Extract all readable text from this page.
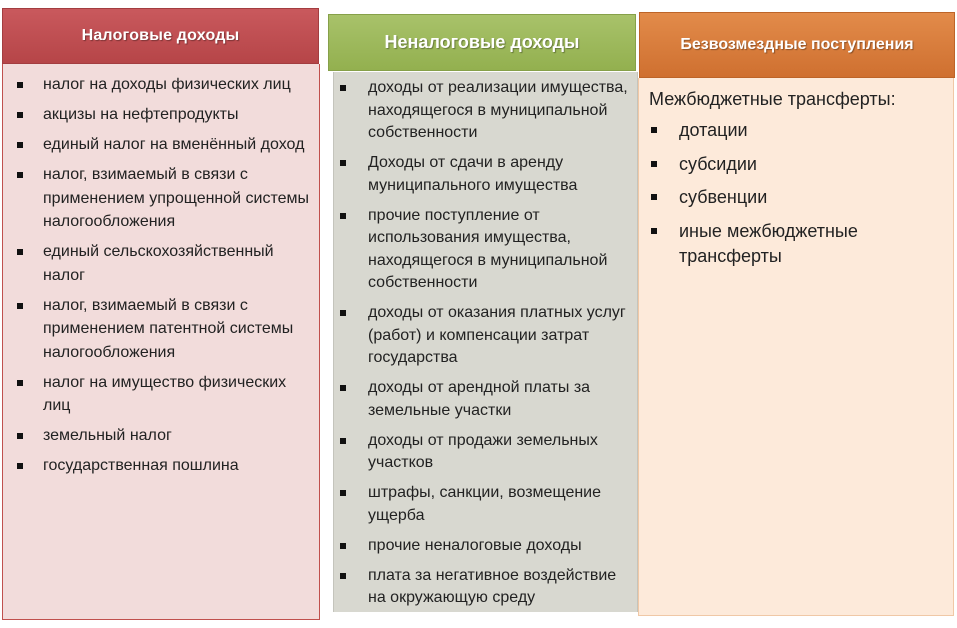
Налоговые доходы
налог на доходы физических лиц
акцизы на нефтепродукты
единый налог на вменённый доход
налог, взимаемый в связи с применением упрощенной системы налогообложения
единый сельскохозяйственный налог
налог, взимаемый в связи с применением патентной системы налогообложения
налог на имущество физических лиц
земельный налог
государственная пошлина
Неналоговые доходы
доходы от реализации имущества, находящегося в муниципальной собственности
Доходы от сдачи в аренду муниципального имущества
прочие поступление от использования имущества, находящегося в муниципальной собственности
доходы от оказания платных услуг (работ) и компенсации затрат государства
доходы от арендной платы за земельные участки
доходы от продажи земельных участков
штрафы, санкции, возмещение ущерба
прочие неналоговые доходы
плата за негативное воздействие на окружающую среду
Безвозмездные поступления
Межбюджетные трансферты:
дотации
субсидии
субвенции
иные межбюджетные трансферты
